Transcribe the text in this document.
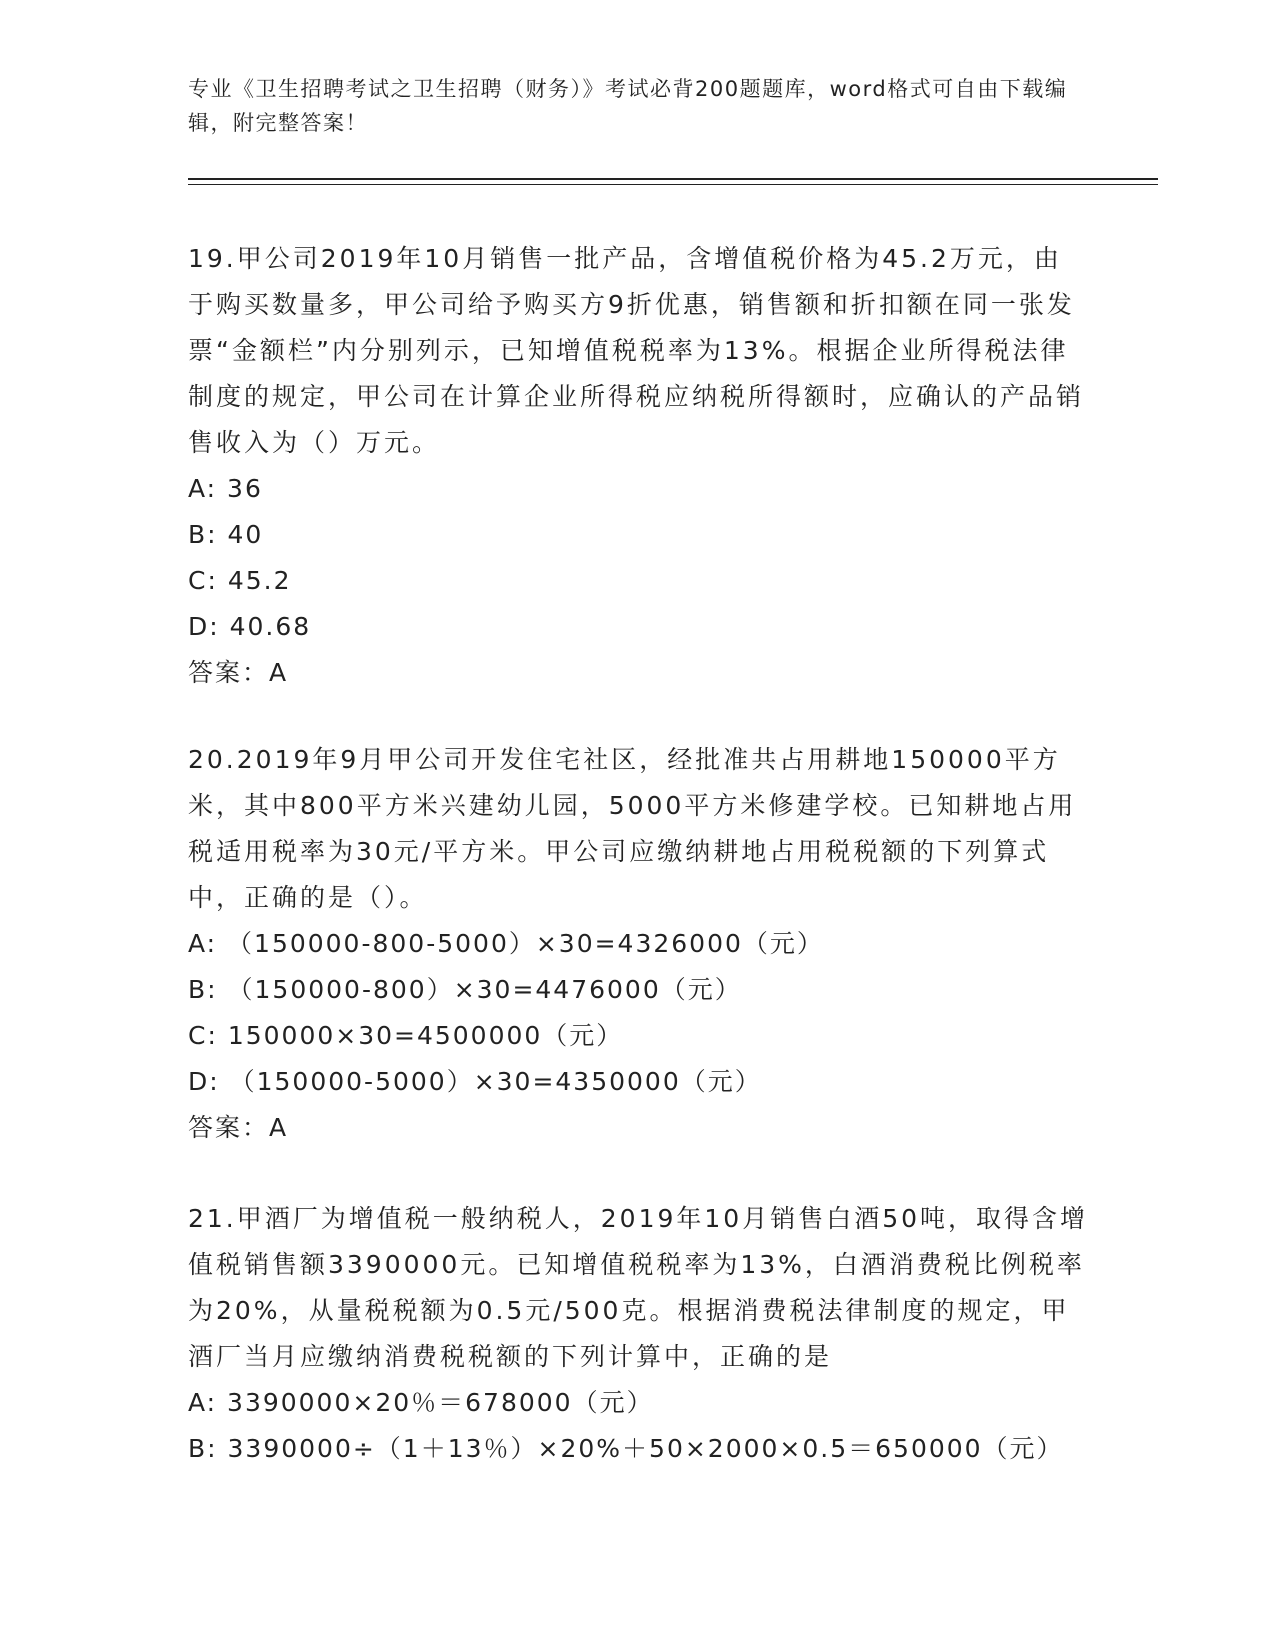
专业《卫生招聘考试之卫生招聘（财务）》考试必背200题题库，word格式可自由下载编辑，附完整答案！

19.甲公司2019年10月销售一批产品，含增值税价格为45.2万元，由于购买数量多，甲公司给予购买方9折优惠，销售额和折扣额在同一张发票“金额栏”内分别列示，已知增值税税率为13%。根据企业所得税法律制度的规定，甲公司在计算企业所得税应纳税所得额时，应确认的产品销售收入为（）万元。

A: 36

B: 40

C: 45.2

D: 40.68

答案：A

20.2019年9月甲公司开发住宅社区，经批准共占用耕地150000平方米，其中800平方米兴建幼儿园，5000平方米修建学校。已知耕地占用税适用税率为30元/平方米。甲公司应缴纳耕地占用税税额的下列算式中，正确的是（）。

A: （150000-800-5000）×30=4326000（元）

B: （150000-800）×30=4476000（元）

C: 150000×30=4500000（元）

D: （150000-5000）×30=4350000（元）

答案：A

21.甲酒厂为增值税一般纳税人，2019年10月销售白酒50吨，取得含增值税销售额3390000元。已知增值税税率为13%，白酒消费税比例税率为20%，从量税税额为0.5元/500克。根据消费税法律制度的规定，甲酒厂当月应缴纳消费税税额的下列计算中，正确的是

A: 3390000×20％＝678000（元）

B: 3390000÷（1＋13％）×20%＋50×2000×0.5＝650000（元）
